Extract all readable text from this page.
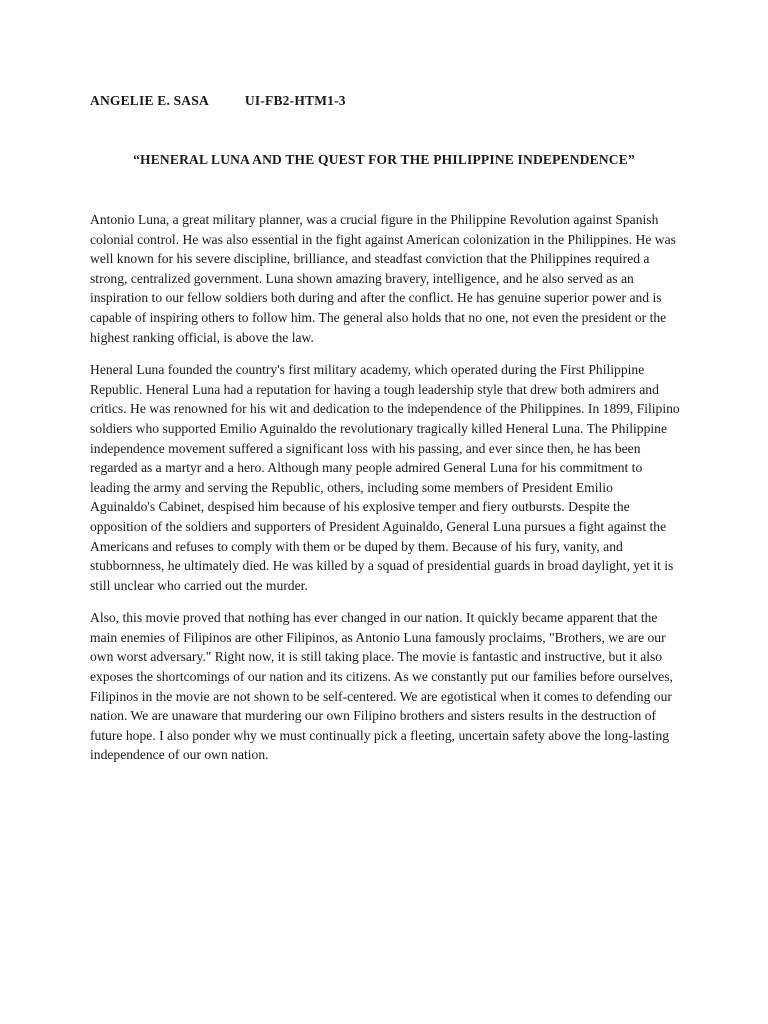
ANGELIE E. SASA	UI-FB2-HTM1-3
“HENERAL LUNA AND THE QUEST FOR THE PHILIPPINE INDEPENDENCE”

Antonio Luna, a great military planner, was a crucial figure in the Philippine Revolution against Spanish colonial control. He was also essential in the fight against American colonization in the Philippines. He was well known for his severe discipline, brilliance, and steadfast conviction that the Philippines required a strong, centralized government. Luna shown amazing bravery, intelligence, and he also served as an inspiration to our fellow soldiers both during and after the conflict. He has genuine superior power and is capable of inspiring others to follow him. The general also holds that no one, not even the president or the highest ranking official, is above the law.

Heneral Luna founded the country's first military academy, which operated during the First Philippine Republic. Heneral Luna had a reputation for having a tough leadership style that drew both admirers and critics. He was renowned for his wit and dedication to the independence of the Philippines. In 1899, Filipino soldiers who supported Emilio Aguinaldo the revolutionary tragically killed Heneral Luna. The Philippine independence movement suffered a significant loss with his passing, and ever since then, he has been regarded as a martyr and a hero. Although many people admired General Luna for his commitment to leading the army and serving the Republic, others, including some members of President Emilio Aguinaldo's Cabinet, despised him because of his explosive temper and fiery outbursts. Despite the opposition of the soldiers and supporters of President Aguinaldo, General Luna pursues a fight against the Americans and refuses to comply with them or be duped by them. Because of his fury, vanity, and stubbornness, he ultimately died. He was killed by a squad of presidential guards in broad daylight, yet it is still unclear who carried out the murder.

Also, this movie proved that nothing has ever changed in our nation. It quickly became apparent that the main enemies of Filipinos are other Filipinos, as Antonio Luna famously proclaims, "Brothers, we are our own worst adversary." Right now, it is still taking place. The movie is fantastic and instructive, but it also exposes the shortcomings of our nation and its citizens. As we constantly put our families before ourselves, Filipinos in the movie are not shown to be self-centered. We are egotistical when it comes to defending our nation. We are unaware that murdering our own Filipino brothers and sisters results in the destruction of future hope. I also ponder why we must continually pick a fleeting, uncertain safety above the long-lasting independence of our own nation.
